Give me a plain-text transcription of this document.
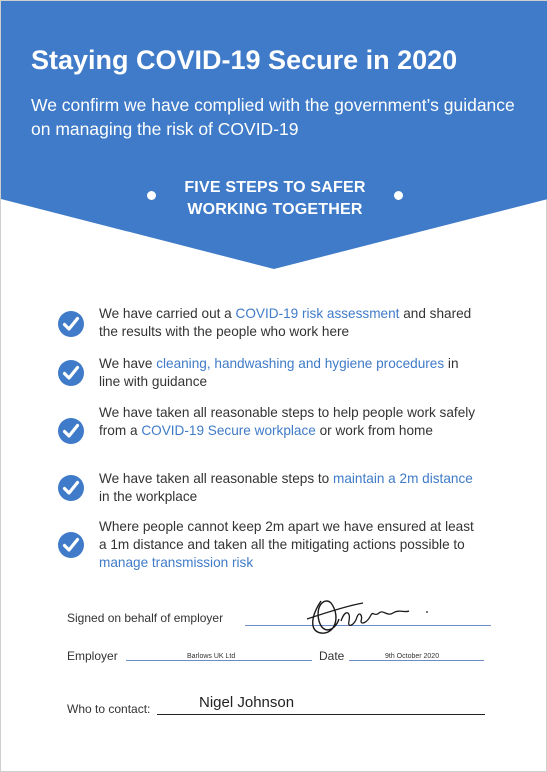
Staying COVID-19 Secure in 2020
We confirm we have complied with the government’s guidance on managing the risk of COVID-19
FIVE STEPS TO SAFER
WORKING TOGETHER
We have carried out a COVID-19 risk assessment and shared the results with the people who work here
We have cleaning, handwashing and hygiene procedures in line with guidance
We have taken all reasonable steps to help people work safely from a COVID-19 Secure workplace or work from home
We have taken all reasonable steps to maintain a 2m distance in the workplace
Where people cannot keep 2m apart we have ensured at least a 1m distance and taken all the mitigating actions possible to manage transmission risk
Signed on behalf of employer
Employer	Barlows UK Ltd	Date	9th October 2020
Who to contact:	Nigel Johnson
